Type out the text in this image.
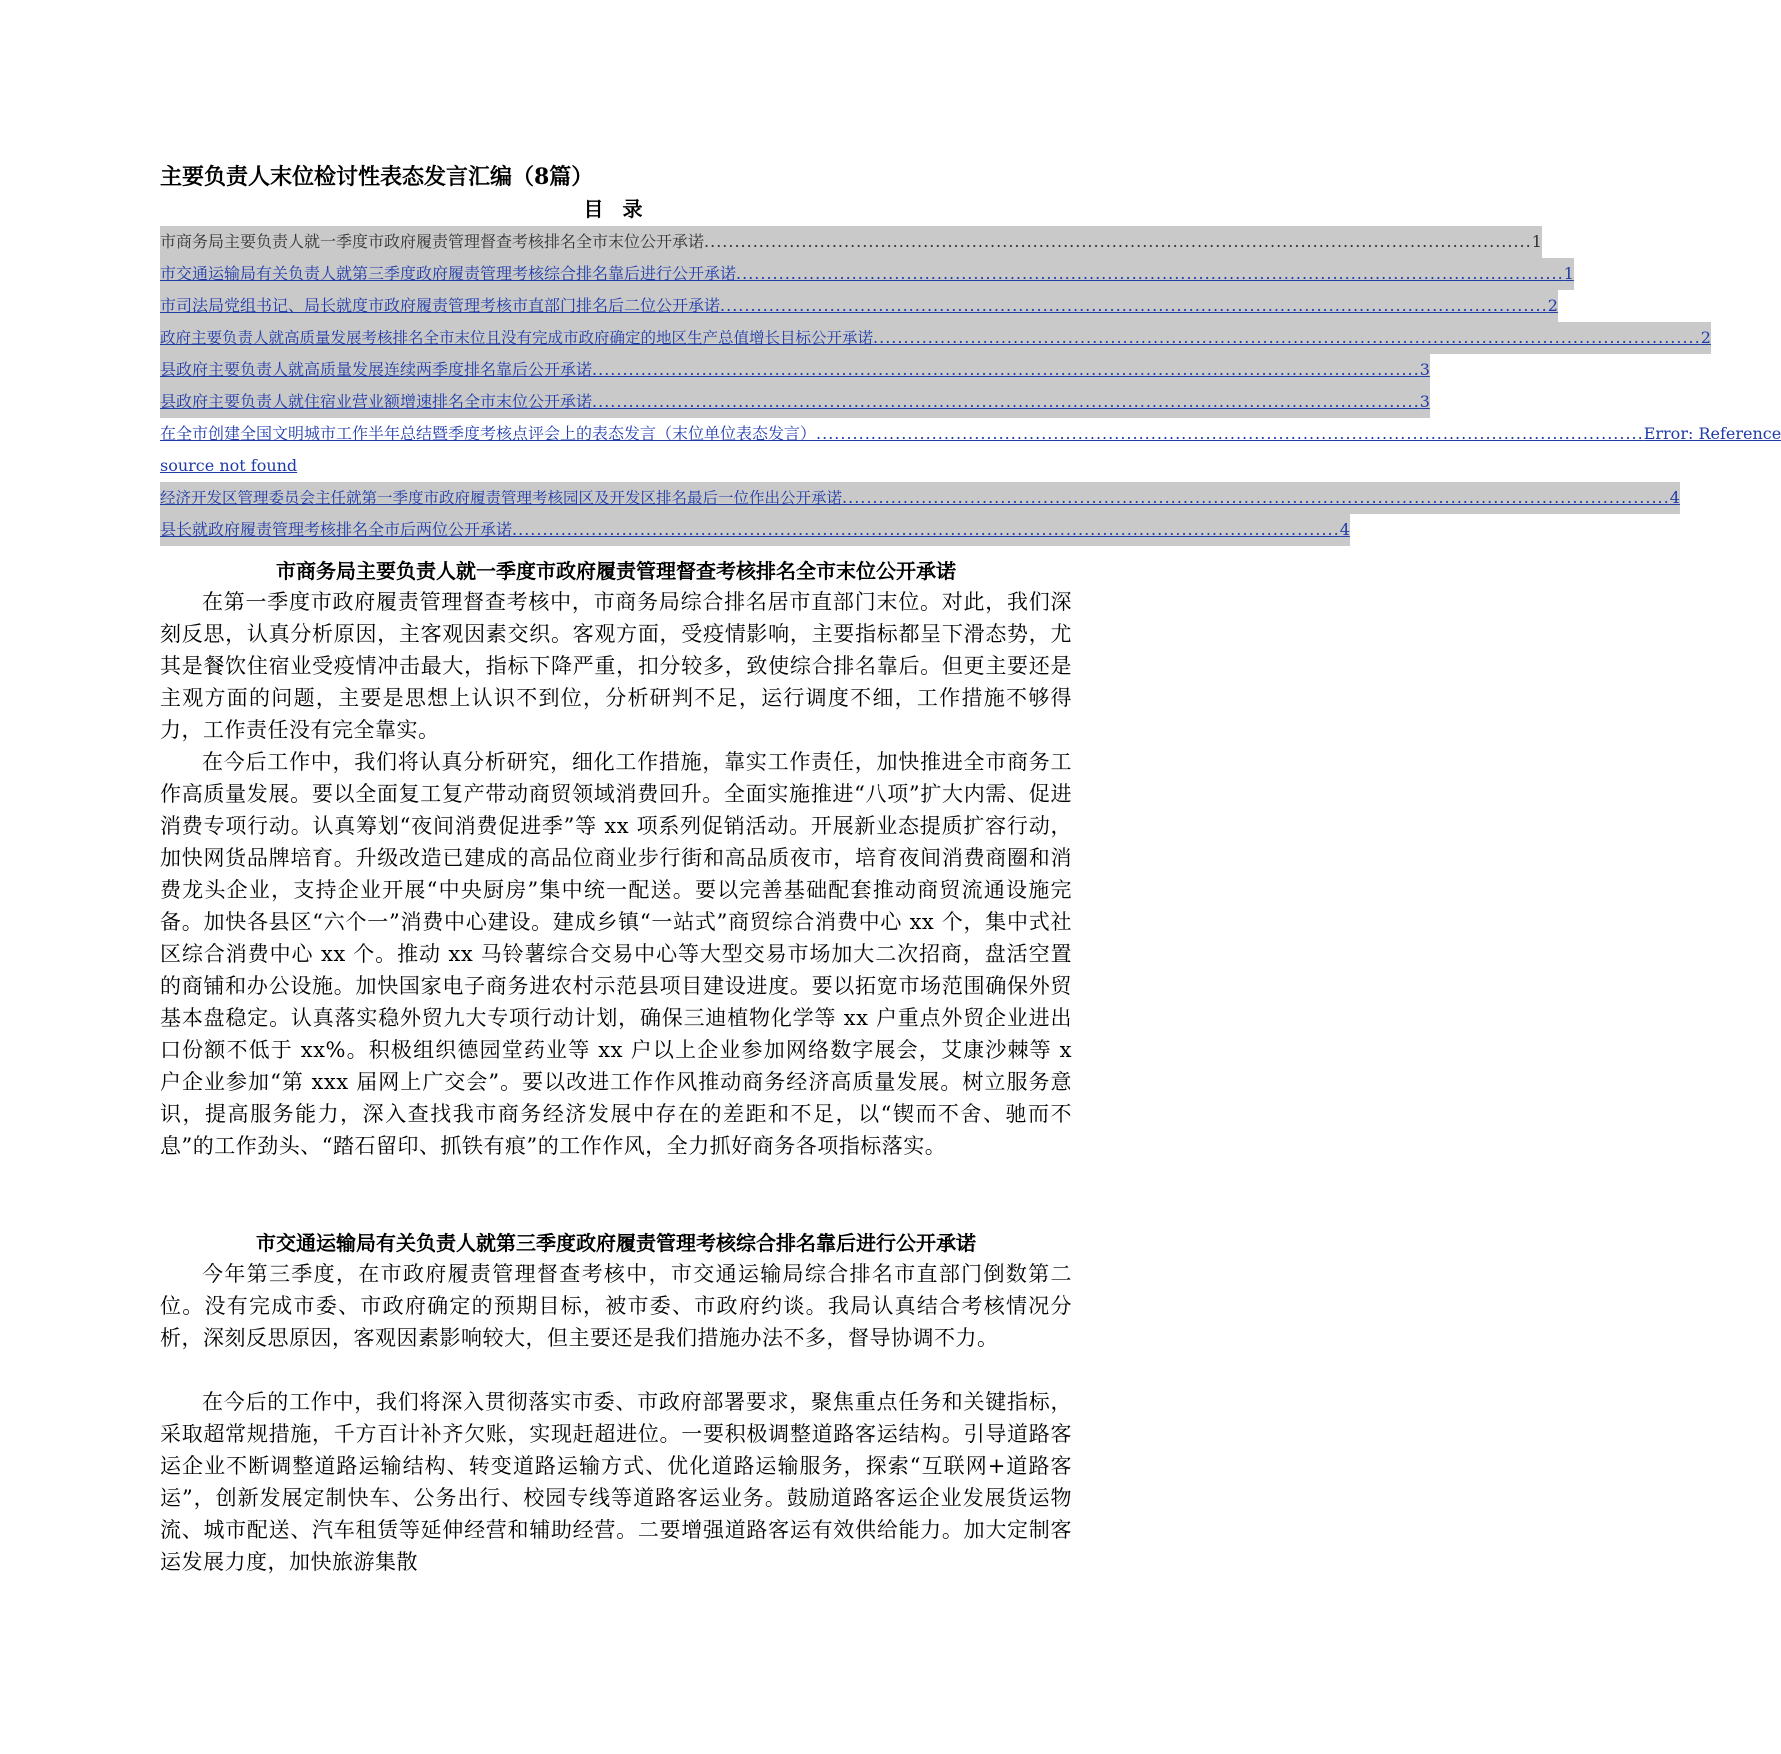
主要负责人末位检讨性表态发言汇编（8篇）
目 录
市商务局主要负责人就一季度市政府履责管理督查考核排名全市末位公开承诺 ........................................................................................................................................ 1
市交通运输局有关负责人就第三季度政府履责管理考核综合排名靠后进行公开承诺 ........................................................................................................................................ 1
市司法局党组书记、局长就度市政府履责管理考核市直部门排名后二位公开承诺 ........................................................................................................................................ 2
政府主要负责人就高质量发展考核排名全市末位且没有完成市政府确定的地区生产总值增长目标公开承诺 ........................................................................................................................................ 2
县政府主要负责人就高质量发展连续两季度排名靠后公开承诺 ........................................................................................................................................ 3
县政府主要负责人就住宿业营业额增速排名全市末位公开承诺 ........................................................................................................................................ 3
在全市创建全国文明城市工作半年总结暨季度考核点评会上的表态发言（末位单位表态发言） ........................................................................................................................................ Error: Reference
source not found
经济开发区管理委员会主任就第一季度市政府履责管理考核园区及开发区排名最后一位作出公开承诺 ........................................................................................................................................ 4
县长就政府履责管理考核排名全市后两位公开承诺 ........................................................................................................................................ 4
市商务局主要负责人就一季度市政府履责管理督查考核排名全市末位公开承诺
在第一季度市政府履责管理督查考核中，市商务局综合排名居市直部门末位。对此，我们深刻反思，认真分析原因，主客观因素交织。客观方面，受疫情影响，主要指标都呈下滑态势，尤其是餐饮住宿业受疫情冲击最大，指标下降严重，扣分较多，致使综合排名靠后。但更主要还是主观方面的问题，主要是思想上认识不到位，分析研判不足，运行调度不细，工作措施不够得力，工作责任没有完全靠实。
在今后工作中，我们将认真分析研究，细化工作措施，靠实工作责任，加快推进全市商务工作高质量发展。要以全面复工复产带动商贸领域消费回升。全面实施推进“八项”扩大内需、促进消费专项行动。认真筹划“夜间消费促进季”等 xx 项系列促销活动。开展新业态提质扩容行动，加快网货品牌培育。升级改造已建成的高品位商业步行街和高品质夜市，培育夜间消费商圈和消费龙头企业，支持企业开展“中央厨房”集中统一配送。要以完善基础配套推动商贸流通设施完备。加快各县区“六个一”消费中心建设。建成乡镇“一站式”商贸综合消费中心 xx 个，集中式社区综合消费中心 xx 个。推动 xx 马铃薯综合交易中心等大型交易市场加大二次招商，盘活空置的商铺和办公设施。加快国家电子商务进农村示范县项目建设进度。要以拓宽市场范围确保外贸基本盘稳定。认真落实稳外贸九大专项行动计划，确保三迪植物化学等 xx 户重点外贸企业进出口份额不低于 xx%。积极组织德园堂药业等 xx 户以上企业参加网络数字展会，艾康沙棘等 x 户企业参加“第 xxx 届网上广交会”。要以改进工作作风推动商务经济高质量发展。树立服务意识，提高服务能力，深入查找我市商务经济发展中存在的差距和不足，以“锲而不舍、驰而不息”的工作劲头、“踏石留印、抓铁有痕”的工作作风，全力抓好商务各项指标落实。
市交通运输局有关负责人就第三季度政府履责管理考核综合排名靠后进行公开承诺
今年第三季度，在市政府履责管理督查考核中，市交通运输局综合排名市直部门倒数第二位。没有完成市委、市政府确定的预期目标，被市委、市政府约谈。我局认真结合考核情况分析，深刻反思原因，客观因素影响较大，但主要还是我们措施办法不多，督导协调不力。
在今后的工作中，我们将深入贯彻落实市委、市政府部署要求，聚焦重点任务和关键指标，采取超常规措施，千方百计补齐欠账，实现赶超进位。一要积极调整道路客运结构。引导道路客运企业不断调整道路运输结构、转变道路运输方式、优化道路运输服务，探索“互联网+道路客运”，创新发展定制快车、公务出行、校园专线等道路客运业务。鼓励道路客运企业发展货运物流、城市配送、汽车租赁等延伸经营和辅助经营。二要增强道路客运有效供给能力。加大定制客运发展力度，加快旅游集散
